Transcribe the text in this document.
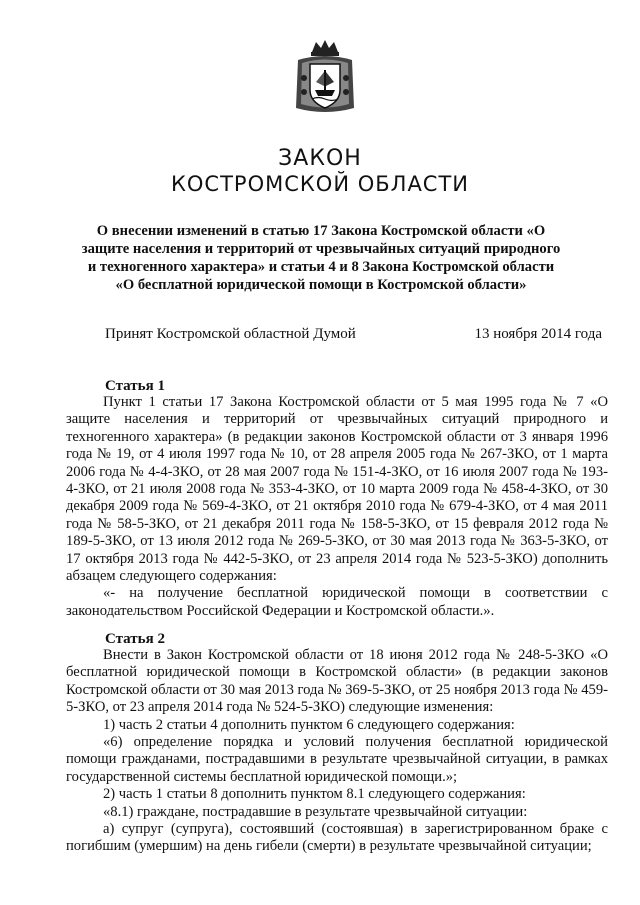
ЗАКОН
КОСТРОМСКОЙ ОБЛАСТИ
О внесении изменений в статью 17 Закона Костромской области «О защите населения и территорий от чрезвычайных ситуаций природного и техногенного характера» и статьи 4 и 8 Закона Костромской области «О бесплатной юридической помощи в Костромской области»
Принят Костромской областной Думой	13 ноября 2014 года
Статья 1

Пункт 1 статьи 17 Закона Костромской области от 5 мая 1995 года № 7 «О защите населения и территорий от чрезвычайных ситуаций природного и техногенного характера» (в редакции законов Костромской области от 3 января 1996 года № 19, от 4 июля 1997 года № 10, от 28 апреля 2005 года № 267-ЗКО, от 1 марта 2006 года № 4-4-ЗКО, от 28 мая 2007 года № 151-4-ЗКО, от 16 июля 2007 года № 193-4-ЗКО, от 21 июля 2008 года № 353-4-ЗКО, от 10 марта 2009 года № 458-4-ЗКО, от 30 декабря 2009 года № 569-4-ЗКО, от 21 октября 2010 года № 679-4-ЗКО, от 4 мая 2011 года № 58-5-ЗКО, от 21 декабря 2011 года № 158-5-ЗКО, от 15 февраля 2012 года № 189-5-ЗКО, от 13 июля 2012 года № 269-5-ЗКО, от 30 мая 2013 года № 363-5-ЗКО, от 17 октября 2013 года № 442-5-ЗКО, от 23 апреля 2014 года № 523-5-ЗКО) дополнить абзацем следующего содержания:

«- на получение бесплатной юридической помощи в соответствии с законодательством Российской Федерации и Костромской области.».

Статья 2

Внести в Закон Костромской области от 18 июня 2012 года № 248-5-ЗКО «О бесплатной юридической помощи в Костромской области» (в редакции законов Костромской области от 30 мая 2013 года № 369-5-ЗКО, от 25 ноября 2013 года № 459-5-ЗКО, от 23 апреля 2014 года № 524-5-ЗКО) следующие изменения:

1) часть 2 статьи 4 дополнить пунктом 6 следующего содержания:

«6) определение порядка и условий получения бесплатной юридической помощи гражданами, пострадавшими в результате чрезвычайной ситуации, в рамках государственной системы бесплатной юридической помощи.»;

2) часть 1 статьи 8 дополнить пунктом 8.1 следующего содержания:

«8.1) граждане, пострадавшие в результате чрезвычайной ситуации:

а) супруг (супруга), состоявший (состоявшая) в зарегистрированном браке с погибшим (умершим) на день гибели (смерти) в результате чрезвычайной ситуации;
